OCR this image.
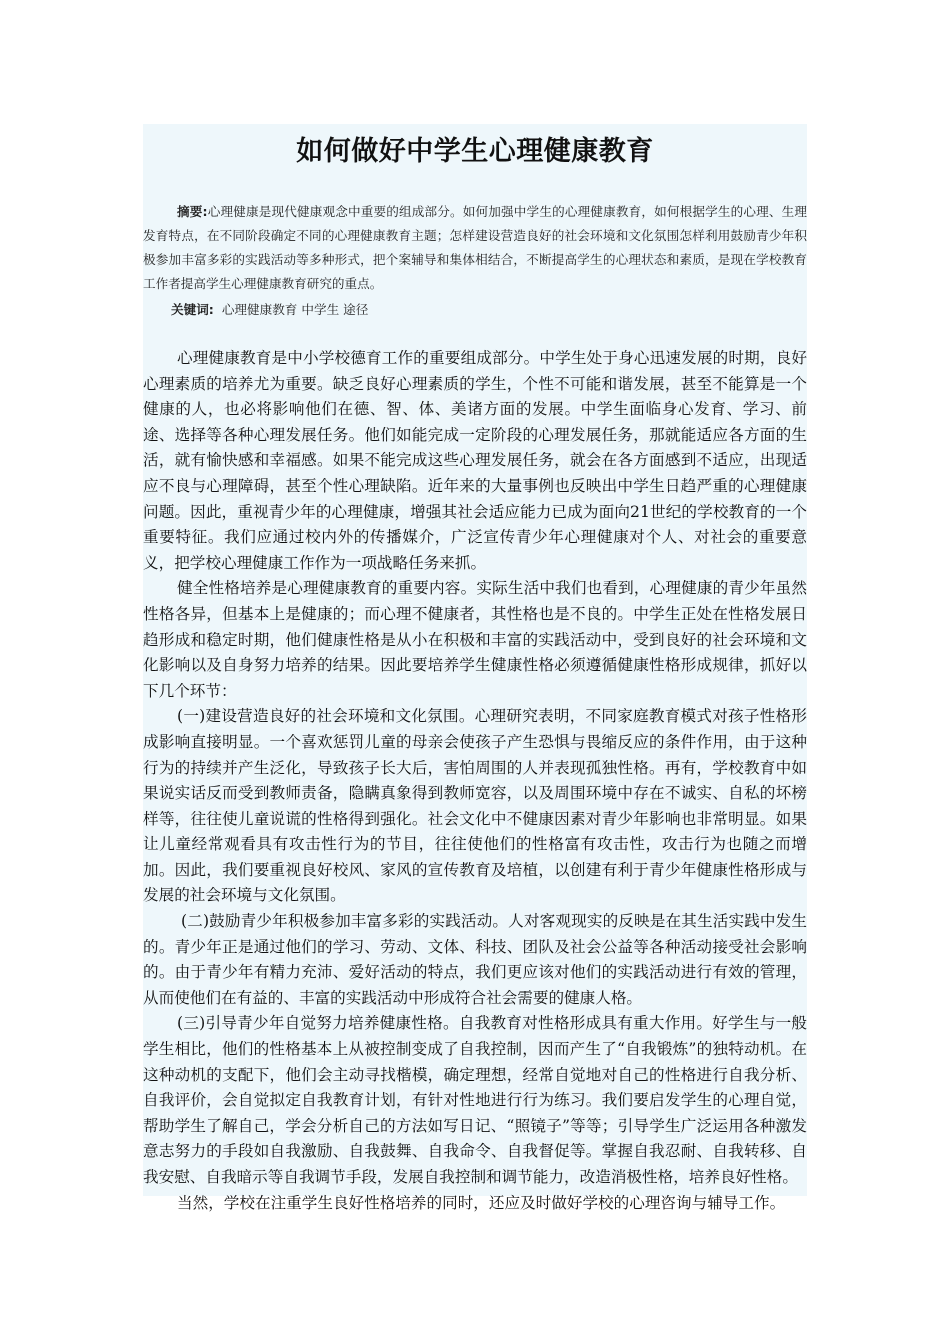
如何做好中学生心理健康教育
摘要:心理健康是现代健康观念中重要的组成部分。如何加强中学生的心理健康教育，如何根据学生的心理、生理发育特点，在不同阶段确定不同的心理健康教育主题；怎样建设营造良好的社会环境和文化氛围怎样利用鼓励青少年积极参加丰富多彩的实践活动等多种形式，把个案辅导和集体相结合，不断提高学生的心理状态和素质，是现在学校教育工作者提高学生心理健康教育研究的重点。
关键词:  心理健康教育 中学生 途径

心理健康教育是中小学校德育工作的重要组成部分。中学生处于身心迅速发展的时期，良好心理素质的培养尤为重要。缺乏良好心理素质的学生，个性不可能和谐发展，甚至不能算是一个健康的人，也必将影响他们在德、智、体、美诸方面的发展。中学生面临身心发育、学习、前途、选择等各种心理发展任务。他们如能完成一定阶段的心理发展任务，那就能适应各方面的生活，就有愉快感和幸福感。如果不能完成这些心理发展任务，就会在各方面感到不适应，出现适应不良与心理障碍，甚至个性心理缺陷。近年来的大量事例也反映出中学生日趋严重的心理健康问题。因此，重视青少年的心理健康，增强其社会适应能力已成为面向21世纪的学校教育的一个重要特征。我们应通过校内外的传播媒介，广泛宣传青少年心理健康对个人、对社会的重要意义，把学校心理健康工作作为一项战略任务来抓。

健全性格培养是心理健康教育的重要内容。实际生活中我们也看到，心理健康的青少年虽然性格各异，但基本上是健康的；而心理不健康者，其性格也是不良的。中学生正处在性格发展日趋形成和稳定时期，他们健康性格是从小在积极和丰富的实践活动中，受到良好的社会环境和文化影响以及自身努力培养的结果。因此要培养学生健康性格必须遵循健康性格形成规律，抓好以下几个环节：

(一)建设营造良好的社会环境和文化氛围。心理研究表明，不同家庭教育模式对孩子性格形成影响直接明显。一个喜欢惩罚儿童的母亲会使孩子产生恐惧与畏缩反应的条件作用，由于这种行为的持续并产生泛化，导致孩子长大后，害怕周围的人并表现孤独性格。再有，学校教育中如果说实话反而受到教师责备，隐瞒真象得到教师宽容，以及周围环境中存在不诚实、自私的坏榜样等，往往使儿童说谎的性格得到强化。社会文化中不健康因素对青少年影响也非常明显。如果让儿童经常观看具有攻击性行为的节目，往往使他们的性格富有攻击性，攻击行为也随之而增加。因此，我们要重视良好校风、家风的宣传教育及培植，以创建有利于青少年健康性格形成与发展的社会环境与文化氛围。

(二)鼓励青少年积极参加丰富多彩的实践活动。人对客观现实的反映是在其生活实践中发生的。青少年正是通过他们的学习、劳动、文体、科技、团队及社会公益等各种活动接受社会影响的。由于青少年有精力充沛、爱好活动的特点，我们更应该对他们的实践活动进行有效的管理，从而使他们在有益的、丰富的实践活动中形成符合社会需要的健康人格。

(三)引导青少年自觉努力培养健康性格。自我教育对性格形成具有重大作用。好学生与一般学生相比，他们的性格基本上从被控制变成了自我控制，因而产生了“自我锻炼”的独特动机。在这种动机的支配下，他们会主动寻找楷模，确定理想，经常自觉地对自己的性格进行自我分析、自我评价，会自觉拟定自我教育计划，有针对性地进行行为练习。我们要启发学生的心理自觉，帮助学生了解自己，学会分析自己的方法如写日记、“照镜子”等等；引导学生广泛运用各种激发意志努力的手段如自我激励、自我鼓舞、自我命令、自我督促等。掌握自我忍耐、自我转移、自我安慰、自我暗示等自我调节手段，发展自我控制和调节能力，改造消极性格，培养良好性格。

当然，学校在注重学生良好性格培养的同时，还应及时做好学校的心理咨询与辅导工作。
